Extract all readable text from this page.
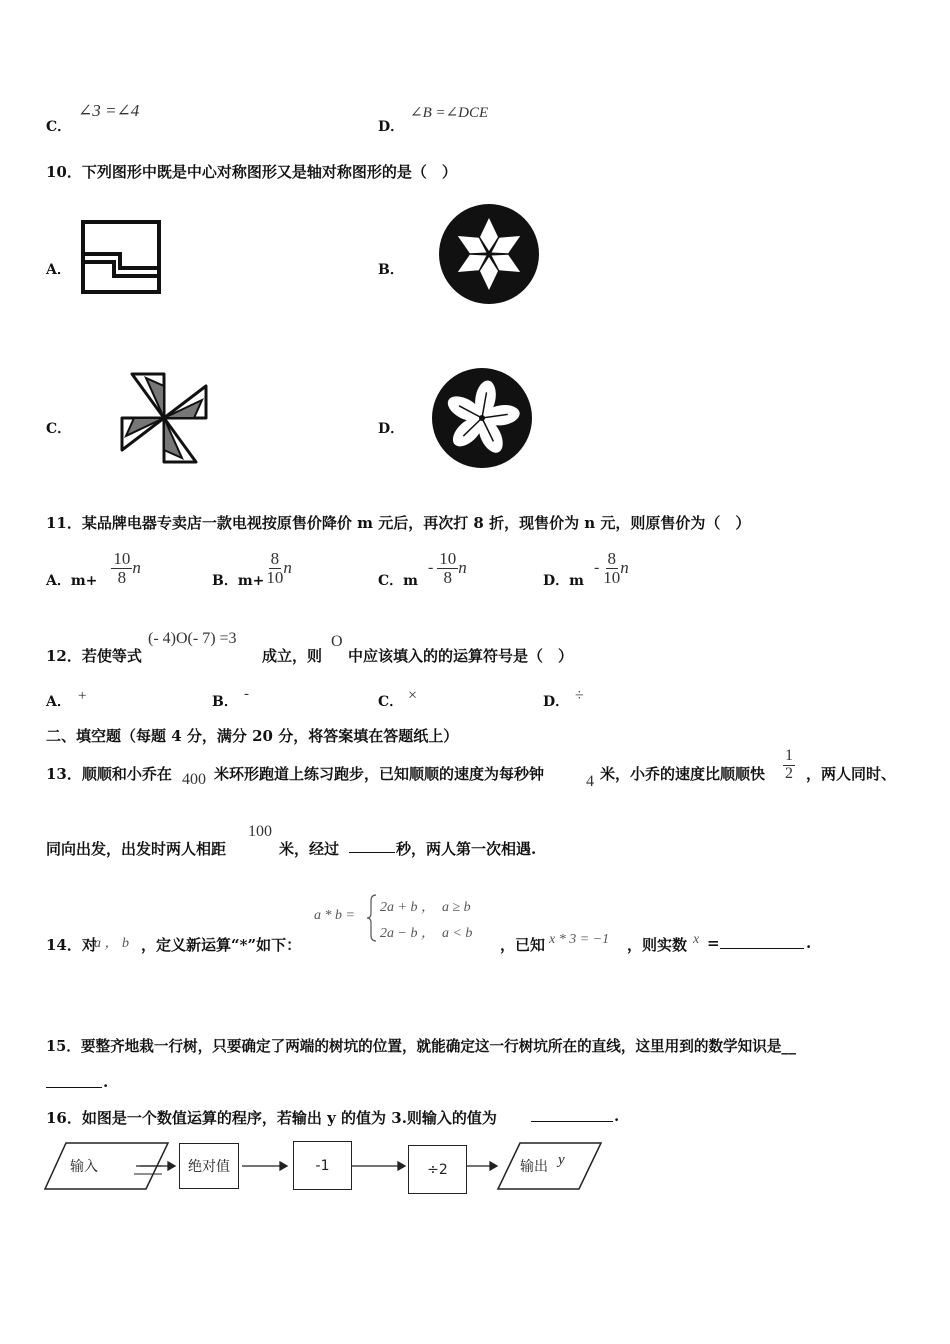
C．
∠3 =∠4
D．
∠B =∠DCE
10．下列图形中既是中心对称图形又是轴对称图形的是（　）
A．	B．
C．	D．
11．某品牌电器专卖店一款电视按原售价降价 m 元后，再次打 8 折，现售价为 n 元，则原售价为（　）
A．$m+ \frac{10}{8}$ n
B．$m+ \frac{8}{10}$ n
C．m
- $\frac{10}{8}$ n
D．m
- $\frac{8}{10}$ n
12．若使等式
(- 4)O(- 7) =3
成立，则
O
中应该填入的的运算符号是（　）
A． +	B． -	C． ×	D． ÷
二、填空题（每题 4 分，满分 20 分，将答案填在答题纸上）
13．顺顺和小乔在 400 米环形跑道上练习跑步，已知顺顺的速度为每秒钟	4 米，小乔的速度比顺顺快 $\frac{1}{2}$ ，两人同时、
同向出发，出发时两人相距
100
米，经过	秒，两人第一次相遇.
14．对
a ， b ，定义新运算“*”如下：
a * b =
2a + b ，　a ≥ b
2a − b ，　a < b
，已知 x * 3 = −1 ，则实数 x =	.
15．要整齐地栽一行树，只要确定了两端的树坑的位置，就能确定这一行树坑所在的直线，这里用到的数学知识是__
.
16．如图是一个数值运算的程序，若输出 y 的值为 3.则输入的值为	.
输入	绝对值	-1	÷2	输出 y
